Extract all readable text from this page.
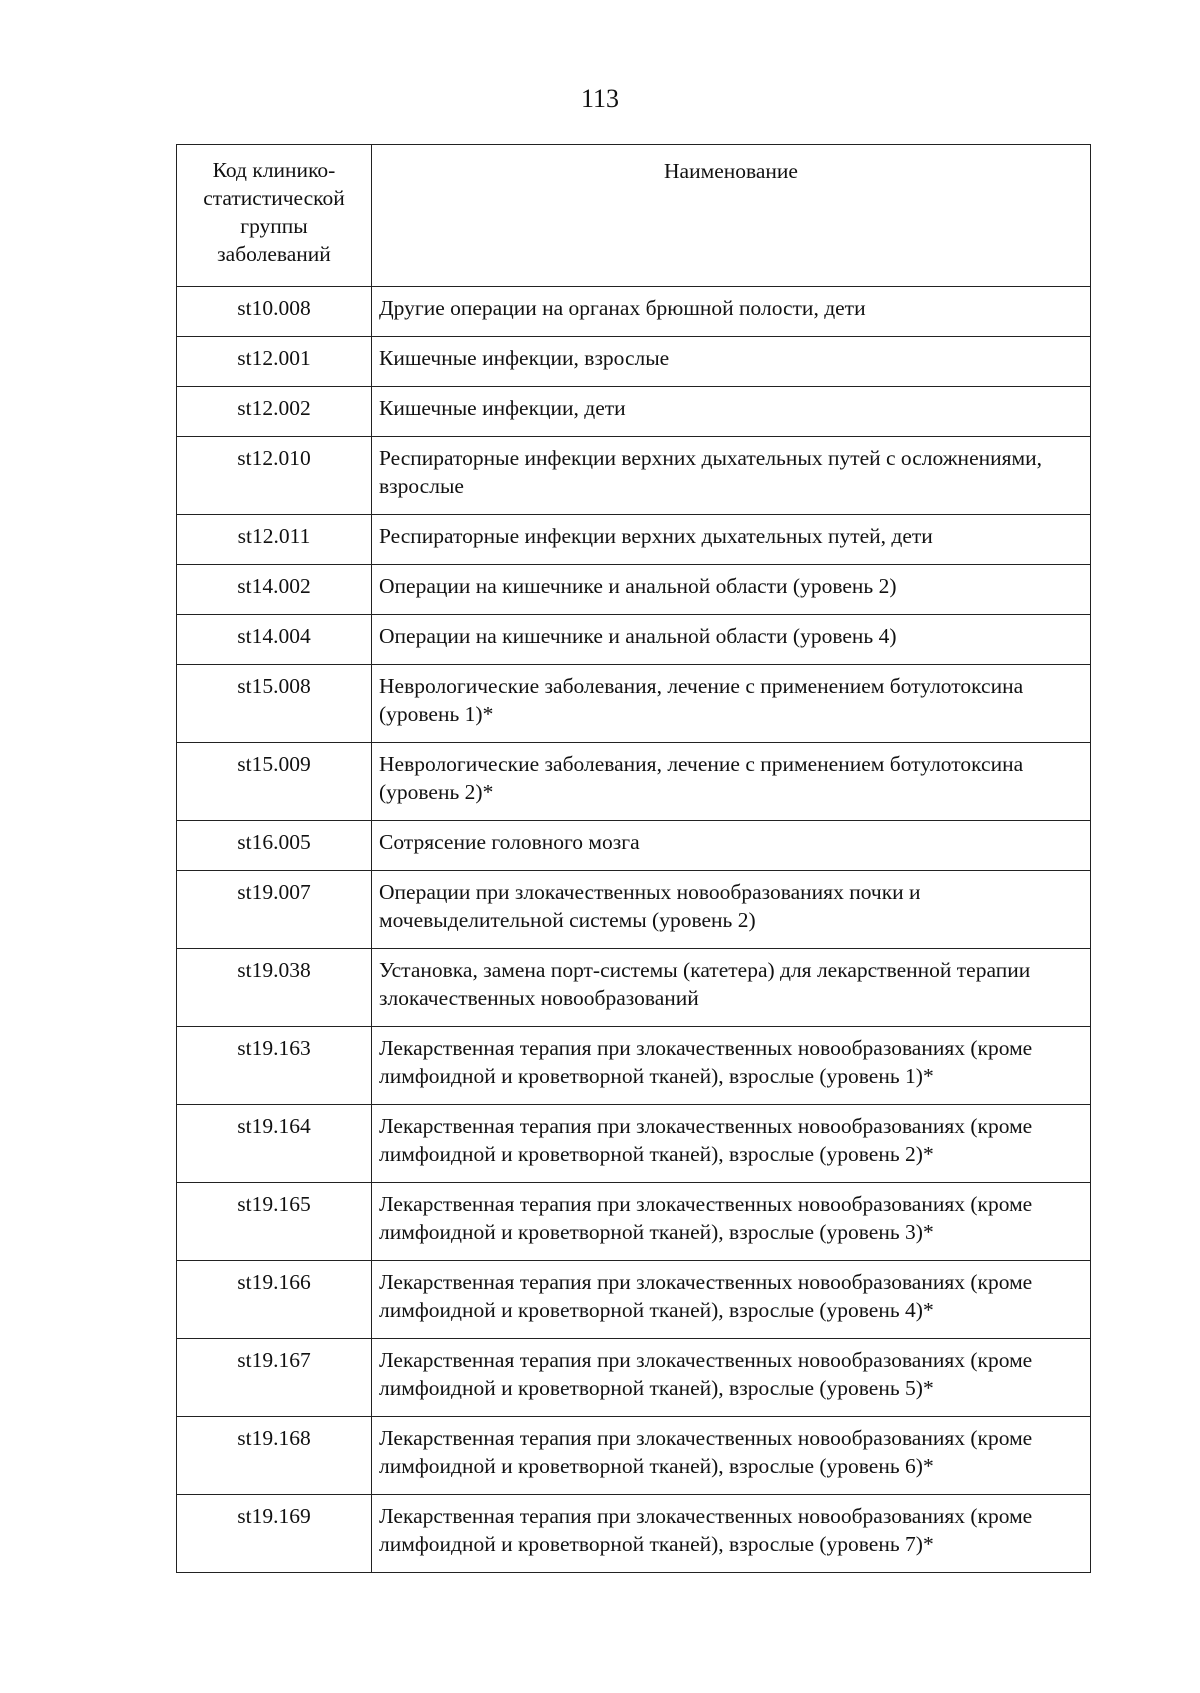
113
Код клинико-статистической группы заболеваний	Наименование
st10.008	Другие операции на органах брюшной полости, дети
st12.001	Кишечные инфекции, взрослые
st12.002	Кишечные инфекции, дети
st12.010	Респираторные инфекции верхних дыхательных путей с осложнениями, взрослые
st12.011	Респираторные инфекции верхних дыхательных путей, дети
st14.002	Операции на кишечнике и анальной области (уровень 2)
st14.004	Операции на кишечнике и анальной области (уровень 4)
st15.008	Неврологические заболевания, лечение с применением ботулотоксина (уровень 1)*
st15.009	Неврологические заболевания, лечение с применением ботулотоксина (уровень 2)*
st16.005	Сотрясение головного мозга
st19.007	Операции при злокачественных новообразованиях почки и мочевыделительной системы (уровень 2)
st19.038	Установка, замена порт-системы (катетера) для лекарственной терапии злокачественных новообразований
st19.163	Лекарственная терапия при злокачественных новообразованиях (кроме лимфоидной и кроветворной тканей), взрослые (уровень 1)*
st19.164	Лекарственная терапия при злокачественных новообразованиях (кроме лимфоидной и кроветворной тканей), взрослые (уровень 2)*
st19.165	Лекарственная терапия при злокачественных новообразованиях (кроме лимфоидной и кроветворной тканей), взрослые (уровень 3)*
st19.166	Лекарственная терапия при злокачественных новообразованиях (кроме лимфоидной и кроветворной тканей), взрослые (уровень 4)*
st19.167	Лекарственная терапия при злокачественных новообразованиях (кроме лимфоидной и кроветворной тканей), взрослые (уровень 5)*
st19.168	Лекарственная терапия при злокачественных новообразованиях (кроме лимфоидной и кроветворной тканей), взрослые (уровень 6)*
st19.169	Лекарственная терапия при злокачественных новообразованиях (кроме лимфоидной и кроветворной тканей), взрослые (уровень 7)*
